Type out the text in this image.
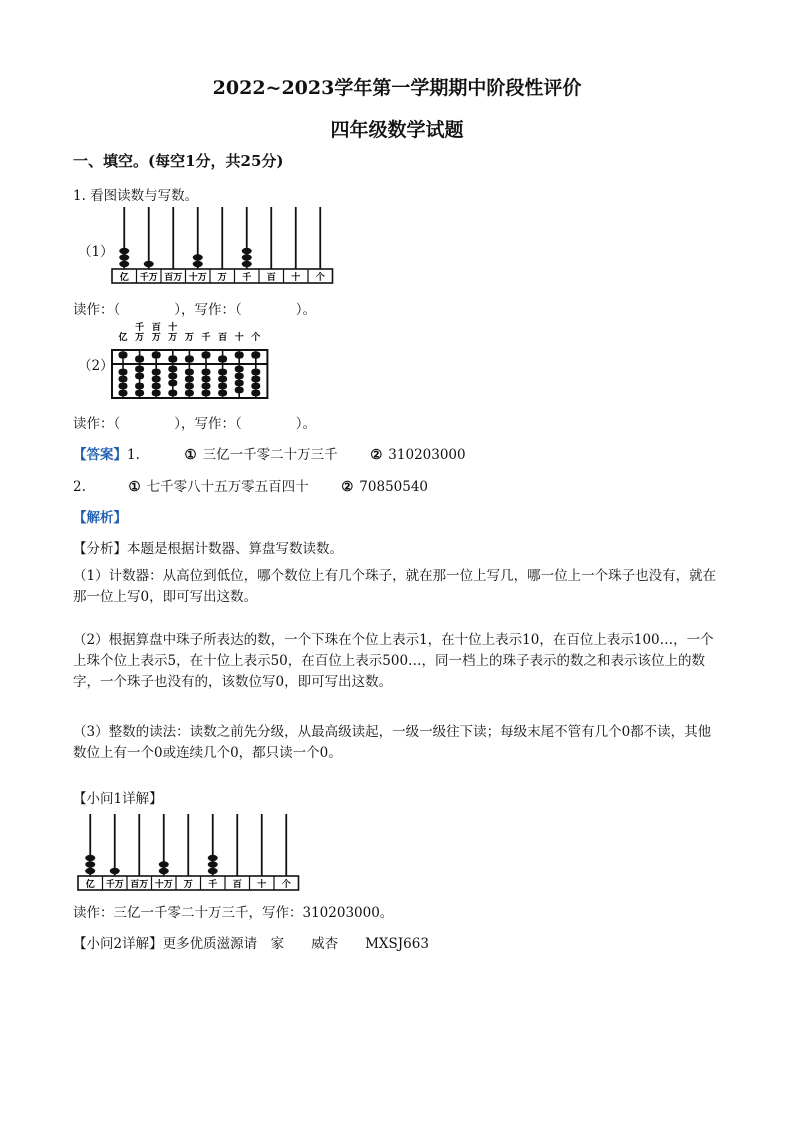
2022~2023学年第一学期期中阶段性评价
四年级数学试题
一、填空。(每空1分，共25分)
1. 看图读数与写数。
（1）
亿 千万 百万 十万 万 千 百 十 个
读作：（　　　　），写作：（　　　　）。
（2）
亿
千
万
百
万
十
万 万 千 百 十 个
读作：（　　　　），写作：（　　　　）。
【答案】1.	① 三亿一千零二十万三千 ② 310203000
2.	① 七千零八十五万零五百四十 ② 70850540
【解析】
【分析】本题是根据计数器、算盘写数读数。
（1）计数器：从高位到低位，哪个数位上有几个珠子，就在那一位上写几，哪一位上一个珠子也没有，就在那一位上写0，即可写出这数。
（2）根据算盘中珠子所表达的数，一个下珠在个位上表示1，在十位上表示10，在百位上表示100…，一个上珠个位上表示5，在十位上表示50，在百位上表示500…，同一档上的珠子表示的数之和表示该位上的数字，一个珠子也没有的，该数位写0，即可写出这数。
（3）整数的读法：读数之前先分级，从最高级读起，一级一级往下读；每级末尾不管有几个0都不读，其他数位上有一个0或连续几个0，都只读一个0。
【小问1详解】
亿 千万 百万 十万 万 千 百 十 个
读作：三亿一千零二十万三千，写作：310203000。
【小问2详解】更多优质滋源请　家　　威杏　　MXSJ663
